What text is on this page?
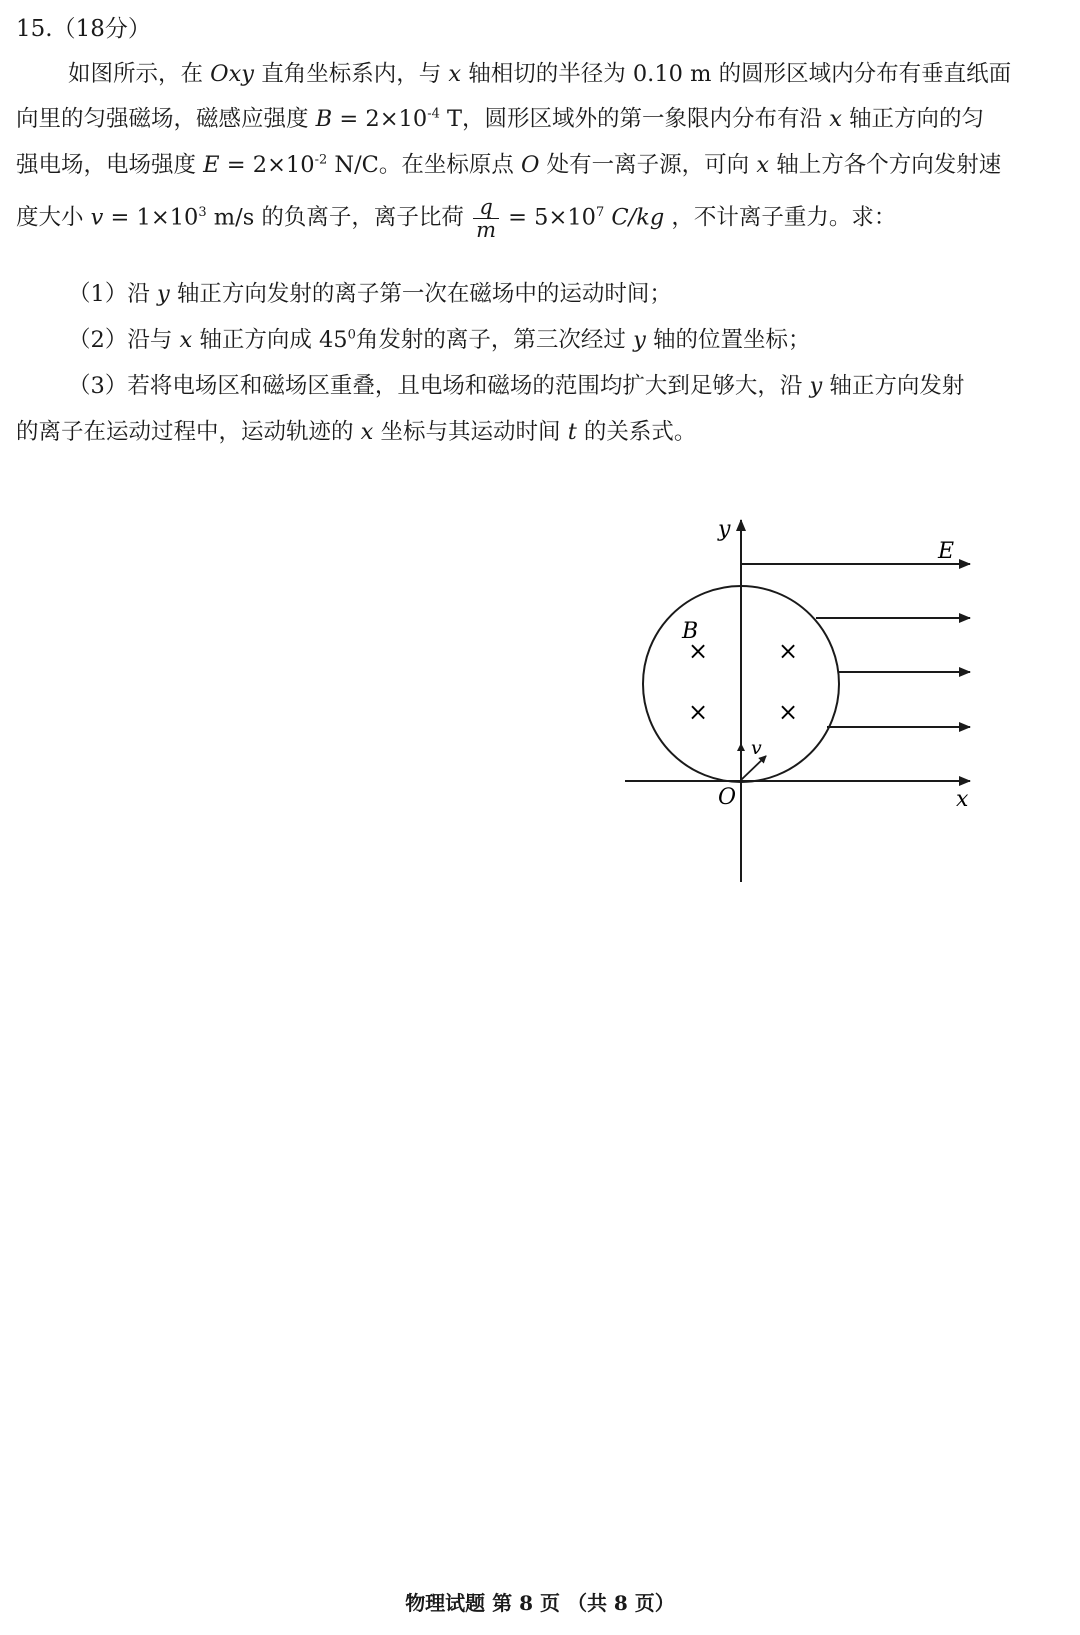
15.（18分）
如图所示，在 Oxy 直角坐标系内，与 x 轴相切的半径为 0.10 m 的圆形区域内分布有垂直纸面
向里的匀强磁场，磁感应强度 $B = 2\times 10^{-4}$ T，圆形区域外的第一象限内分布有沿 x 轴正方向的匀
强电场，电场强度 $E = 2\times 10^{-2}$ N/C。在坐标原点 O 处有一离子源，可向 x 轴上方各个方向发射速
度大小 $v = 1\times 10^3$ m/s 的负离子，离子比荷 $\frac{q}{m} = 5\times 10^7$ C/kg ，不计离子重力。求：
（1）沿 y 轴正方向发射的离子第一次在磁场中的运动时间；
（2）沿与 x 轴正方向成 $45^0$角发射的离子，第三次经过 y 轴的位置坐标；
（3）若将电场区和磁场区重叠，且电场和磁场的范围均扩大到足够大，沿 y 轴正方向发射
的离子在运动过程中，运动轨迹的 x 坐标与其运动时间 t 的关系式。
×	×
×	×
y
x
O
E
B
v
物理试题 第 8 页 （共 8 页）
